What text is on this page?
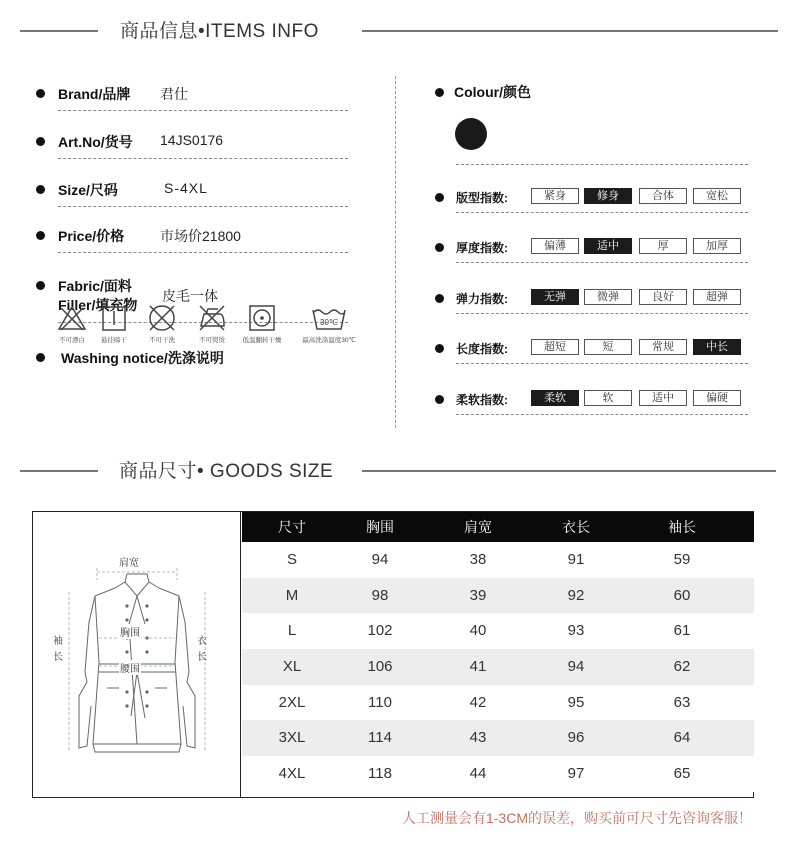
商品信息•ITEMS INFO
Brand/品牌 君仕
Art.No/货号 14JS0176
Size/尺码	S-4XL
Price/价格	市场价21800
Fabric/面料
Filler/填充物
皮毛一体
Washing notice/洗涤说明
不可漂白	悬挂晾干	不可干洗	不可熨烫	低温翻转干燥
30℃
最高洗涤温度30℃
Colour/颜色
版型指数:	紧身	修身	合体	宽松
厚度指数:	偏薄	适中	厚	加厚
弹力指数:	无弹	微弹	良好	超弹
长度指数:	超短	短	常规	中长
柔软指数:	柔软	软	适中	偏硬
商品尺寸• GOODS SIZE
肩宽
胸围
腰围
袖
长
衣
长
尺寸	胸围	肩宽	衣长	袖长
S	94	38	91	59
M	98	39	92	60
L	102	40	93	61
XL	106	41	94	62
2XL	110	42	95	63
3XL	114	43	96	64
4XL	118	44	97	65
人工测量会有1-3CM的误差，购买前可尺寸先咨询客服！
